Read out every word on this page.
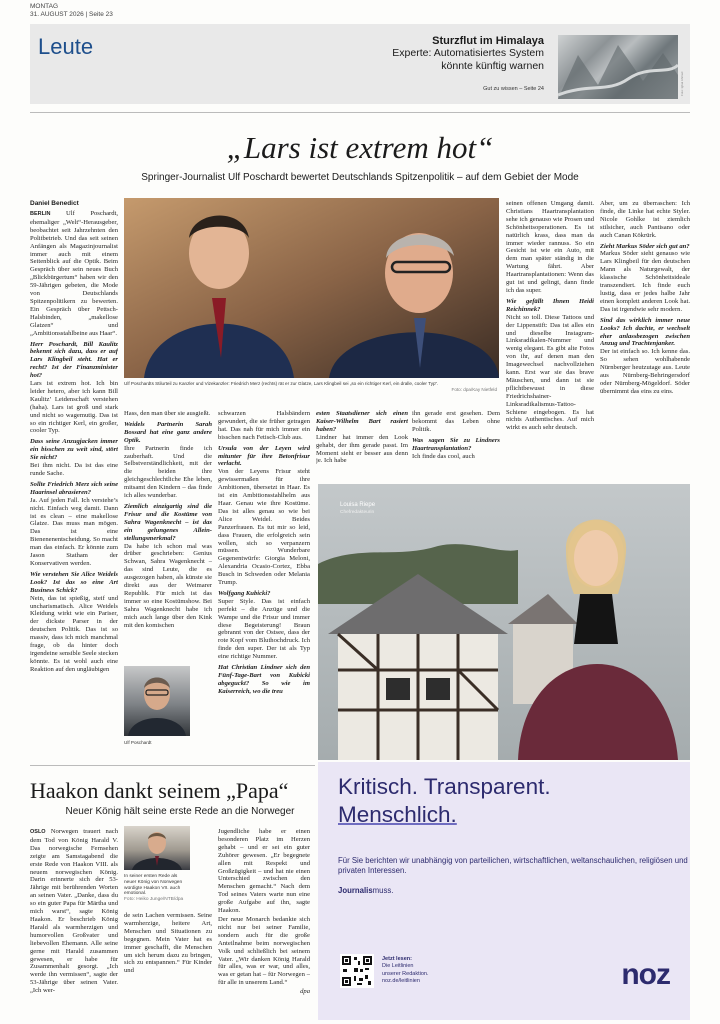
MONTAG
31. AUGUST 2026 | Seite 23
Leute	Sturzflut im Himalaya
Experte: Automatisiertes System
könnte künftig warnen
Gut zu wissen – Seite 24	Foto: Igbal Ahmed
„Lars ist extrem hot“
Springer-Journalist Ulf Poschardt bewertet Deutschlands Spitzenpolitik – auf dem Gebiet der Mode
Daniel Benedict

BERLIN Ulf Poschardt, ehemaliger „Welt“-Herausgeber, beobachtet seit Jahrzehnten den Politbetrieb. Und das seit seinen Anfängen als Magazinjournalist immer auch mit einem Seitenblick auf die Optik. Beim Gespräch über sein neues Buch „Blickbürgertum“ haben wir den 59-Jährigen gebeten, die Mode von Deutschlands Spitzenpolitikern zu bewerten. Ein Gespräch über Pettsch-Halsbinden, „makellose Glatzen“ und „Ambitionsstahlbeine aus Haar“.

Herr Poschardt, Bill Kaulitz bekennt sich dazu, dass er auf Lars Klingbeil steht. Hat er recht? Ist der Finanzminister hot?

Lars ist extrem hot. Ich bin leider hetero, aber ich kann Bill Kaulitz’ Leidenschaft verstehen (haha). Lars ist groß und stark und nicht so wagemutig. Das ist so ein richtiger Kerl, ein großer, cooler Typ.

Dass seine Anzugjacken immer ein bisschen zu weit sind, stört Sie nicht?

Bei ihm nicht. Da ist das eine runde Sache.

Sollte Friedrich Merz sich seine Haarinsel abrasieren?

Ja. Auf jeden Fall. Ich verstehe’s nicht. Einfach weg damit. Dann ist es clean – eine makellose Glatze. Das muss man mögen. Das ist eine Bienenenentscheidung. So macht man das einfach. Er könnte zum Jason Statham der Konservativen werden.

Wie verstehen Sie Alice Weidels Look? Ist das so eine Art Business Schick?

Nein, das ist spießig, steif und uncharismatisch. Alice Weidels Kleidung wirkt wie ein Pariser, der dickste Parser in der deutschen Politik. Das ist so massiv, dass ich mich manchmal frage, ob da hinter doch irgendeine sensible Seele stecken könnte. Es ist wohl auch eine Reaktion auf den ungläubigen

Ulf Poschardts Stilurteil zu Kanzler und Vizekanzler: Friedrich Merz (rechts) rät er zur Glatze, Lars Klingbeil sei „so ein richtiger Kerl, ein dralle, cooler Typ“.
Foto: dpa/Kay Nietfeld

Hass, den man über sie ausgießt.

Weidels Partnerin Sarah Bossard hat eine ganz andere Optik.

Ihre Partnerin finde ich zauberhaft. Und die Selbstverständlichkeit, mit der die beiden ihre gleichgeschlechtliche Ehe leben, mitsamt den Kindern – das finde ich alles wunderbar.

Ziemlich einzigartig sind die Frisur und die Kostüme von Sahra Wagenknecht – ist das ein gelungenes Allein-stellungsmerkmal?

Da habe ich schon mal was drüber geschrieben: Genius Schwan, Sahra Wagenknecht – das sind Leute, die es ausgezogen haben, als künste sie direkt aus der Weimarer Republik. Für mich ist das immer so eine Kostümshow. Bei Sahra Wagenknecht habe ich mich auch lange über den Kink mit den komischen

Ulf Poschardt

schwarzen Halsbändern gewundert, die sie früher getragen hat. Das nah für mich immer ein bisschen nach Fetisch-Club aus.

Ursula von der Leyen wird mitunter für ihre Betonfrisur verlacht.

Von der Leyens Frisur steht gewissermaßen für ihre Ambitionen, übersetzt in Haar. Es ist ein Ambitionsstahlhelm aus Haar. Genau wie ihre Kostüme. Das ist alles genau so wie bei Alice Weidel. Beides Panzerfrauen. Es tut mir so leid, dass Frauen, die erfolgreich sein wollen, sich so verpanzern müssen. Wunderbare Gegenentwürfe: Giorgia Meloni, Alexandria Ocasio-Cortez, Ebba Busch in Schweden oder Melania Trump.

Wolfgang Kubicki?

Super Style. Das ist einfach perfekt – die Anzüge und die Wampe und die Frisur und immer diese Begeisterung! Braun gebrannt von der Ostsee, dass der rote Kopf vom Bluthochdruck. Ich finde den super. Der ist als Typ eine richtige Nummer.

Hat Christian Lindner sich den Fünf-Tage-Bart von Kubicki abgeguckt? So wie im Kaiserreich, wo die treu
esten Staatsdiener sich einen Kaiser-Wilhelm Bart rasiert haben?

Lindner hat immer den Look gehabt, der ihm gerade passt. Im Moment sieht er besser aus denn je. Ich habe

ihn gerade erst gesehen. Dem bekommt das Leben ohne Politik.

Was sagen Sie zu Lindners Haartransplantation?

Ich finde das cool, auch

seinen offenen Umgang damit. Christians Haartransplantation sehe ich genauso wie Prosen und Schönheitsoperationen. Es ist natürlich krass, dass man da immer wieder rannuss. So ein Gesicht ist wie ein Auto, mit dem man später ständig in die Wartung fährt. Aber Haartransplantationen: Wenn das gut ist und gelingt, dann finde ich das super.

Wie gefällt Ihnen Heidi Reichinnek?

Nicht so toll. Diese Tattoos und der Lippenstift: Das ist alles ein und dieselbe Instagram-Linksradikalen-Nummer und wenig elegant. Es gibt alte Fotos von ihr, auf denen man den Imagewechsel nachvollziehen kann. Erst war sie das brave Mäuschen, und dann ist sie pflichtbewusst in diese Friedrichshainer-Linksradikalismus-Tattoo-Schiene eingebogen. Es hat nichts Authentisches. Auf mich wirkt es auch sehr deutsch.

Aber, um zu überraschen: Ich finde, die Linke hat echte Styler. Nicole Gohlke ist ziemlich stilsicher, auch Pantisano oder auch Canan Kökrürk.

Zieht Markus Söder sich gut an?

Markus Söder sieht genauso wie Lars Klingbeil für den deutschen Mann als Naturgewalt, der klassische Schönheitsideale transzendiert. Ich finde euch lustig, dass er jedes halbe Jahr einen komplett anderen Look hat. Das ist irgendwie sehr modern.

Sind das wirklich immer neue Looks? Ich dachte, er wechselt eher anlassbezogen zwischen Anzug und Trachtenjanker.

Der ist einfach so. Ich kenne das. So sehen wohlhabende Nürnberger heutzutage aus. Leute aus Nürnberg-Behringersdorf oder Nürnberg-Mögeldorf. Söder übernimmt das eins zu eins.

Louisa Riepe
Chefredakteurin
Haakon dankt seinem „Papa“
Neuer König hält seine erste Rede an die Norweger

OSLO Norwegen trauert nach dem Tod von König Harald V. Das norwegische Fernsehen zeigte am Samstagabend die erste Rede von Haakon VIII. als neuem norwegischen König. Darin erinnerte sich der 53-Jährige mit berührenden Worten an seinen Vater. „Danke, dass du so ein guter Papa für Märtha und mich warst“, sagte König Haakon. Er beschrieb König Harald als warmherzigen und humorvollen Großvater und liebevollen Ehemann. Alle seine gerne mit Harald zusammen gewesen, er habe für Zusammenhalt gesorgt. „Ich werde ihn vermissen“, sagte der 53-Jährige über seinen Vater. „Ich wer-

In seiner ersten Rede als neuer König von Norwegen würdigte Haakon VII. auch emotional.
Foto: Heiko Junge/NTB/dpa

de sein Lachen vermissen. Seine warmherzige, heitere Art, Menschen und Situationen zu begegnen. Mein Vater hat es immer geschafft, die Menschen um sich herum dazu zu bringen, sich zu entspannen.“ Für Kinder und

Jugendliche habe er einen besonderen Platz im Herzen gehabt – und er sei ein guter Zuhörer gewesen. „Er begegnete allen mit Respekt und Großzügigkeit – und hat nie einen Unterschied zwischen den Menschen gemacht.“ Nach dem Tod seines Vaters warte nun eine große Aufgabe auf ihn, sagte Haakon.

Der neue Monarch bedankte sich nicht nur bei seiner Familie, sondern auch für die große Anteilnahme beim norwegischen Volk und schließlich bei seinem Vater. „Wir danken König Harald für alles, was er war, und alles, was er getan hat – für Norwegen – für alle in unserem Land.“

dpa

Kritisch. Transparent.
Menschlich.
Für Sie berichten wir unabhängig von parteilichen, wirtschaftlichen, weltanschaulichen, religiösen und privaten Interessen.
Journalismuss.
Jetzt lesen:
Die Leitlinien
unserer Redaktion.
noz.de/leitlinien	noz
